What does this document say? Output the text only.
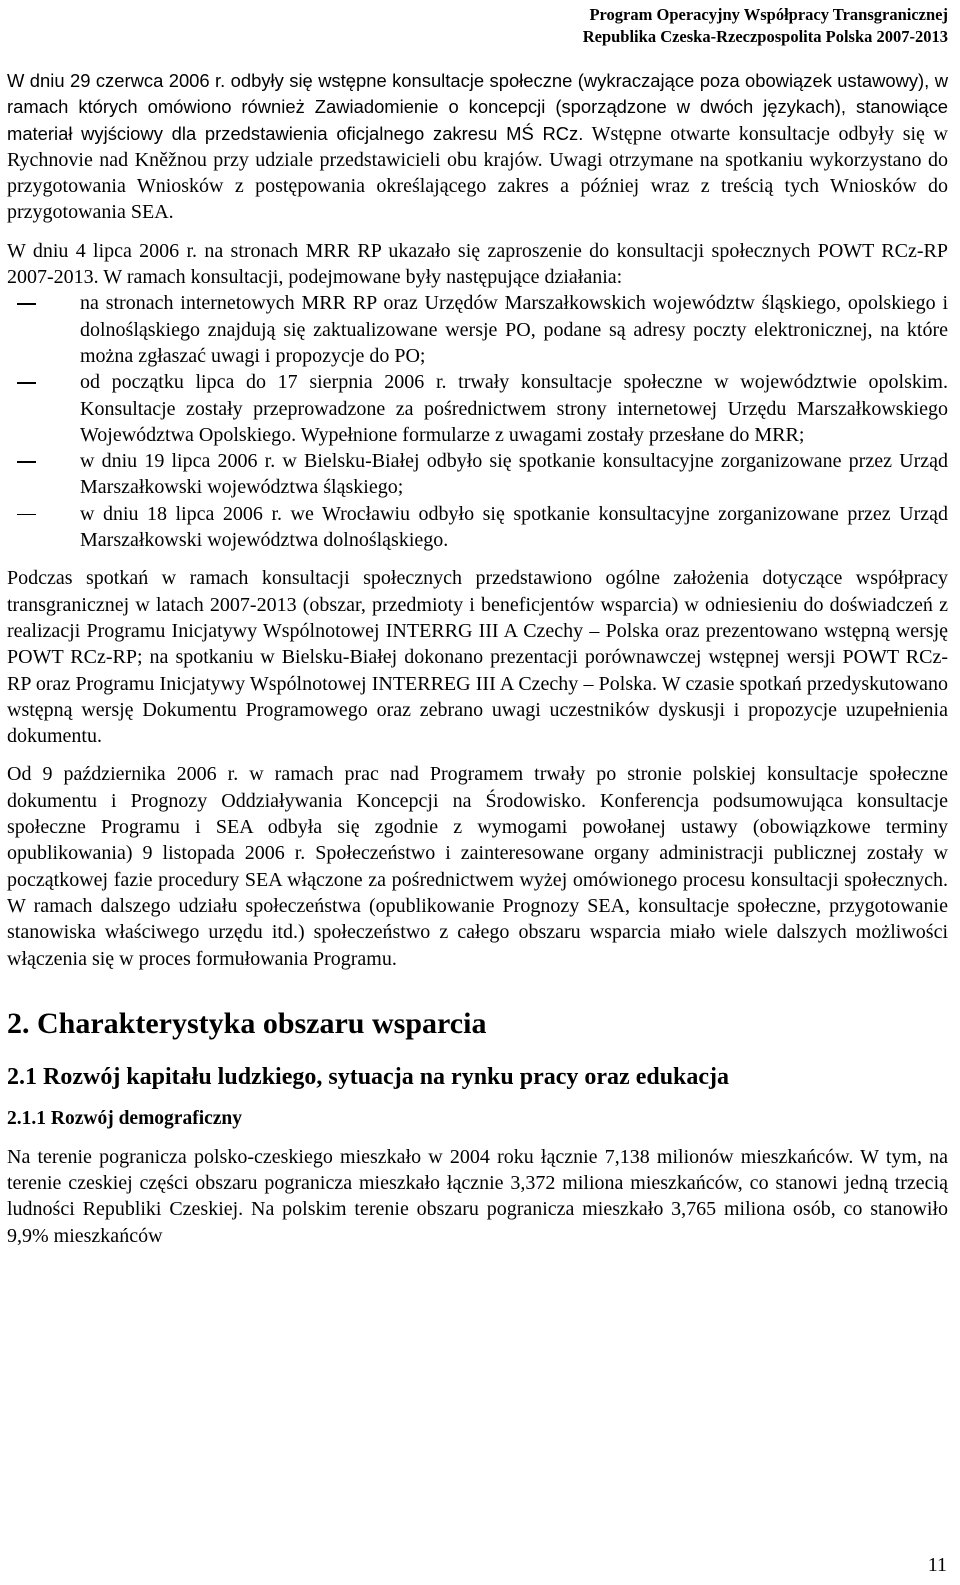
Program Operacyjny Współpracy Transgranicznej
Republika Czeska-Rzeczpospolita Polska 2007-2013

W dniu 29 czerwca 2006 r. odbyły się wstępne konsultacje społeczne (wykraczające poza obowiązek ustawowy), w ramach których omówiono również Zawiadomienie o koncepcji (sporządzone w dwóch językach), stanowiące materiał wyjściowy dla przedstawienia oficjalnego zakresu MŚ RCz. Wstępne otwarte konsultacje odbyły się w Rychnovie nad Kněžnou przy udziale przedstawicieli obu krajów. Uwagi otrzymane na spotkaniu wykorzystano do przygotowania Wniosków z postępowania określającego zakres a później wraz z treścią tych Wniosków do przygotowania SEA.

W dniu 4 lipca 2006 r. na stronach MRR RP ukazało się zaproszenie do konsultacji społecznych POWT RCz-RP 2007-2013. W ramach konsultacji, podejmowane były następujące działania:

na stronach internetowych MRR RP oraz Urzędów Marszałkowskich województw śląskiego, opolskiego i dolnośląskiego znajdują się zaktualizowane wersje PO, podane są adresy poczty elektronicznej, na które można zgłaszać uwagi i propozycje do PO;
od początku lipca do 17 sierpnia 2006 r. trwały konsultacje społeczne w województwie opolskim. Konsultacje zostały przeprowadzone za pośrednictwem strony internetowej Urzędu Marszałkowskiego Województwa Opolskiego. Wypełnione formularze z uwagami zostały przesłane do MRR;
w dniu 19 lipca 2006 r. w Bielsku-Białej odbyło się spotkanie konsultacyjne zorganizowane przez Urząd Marszałkowski województwa śląskiego;
w dniu 18 lipca 2006 r. we Wrocławiu odbyło się spotkanie konsultacyjne zorganizowane przez Urząd Marszałkowski województwa dolnośląskiego.

Podczas spotkań w ramach konsultacji społecznych przedstawiono ogólne założenia dotyczące współpracy transgranicznej w latach 2007-2013 (obszar, przedmioty i beneficjentów wsparcia) w odniesieniu do doświadczeń z realizacji Programu Inicjatywy Wspólnotowej INTERRG III A Czechy – Polska oraz prezentowano wstępną wersję POWT RCz-RP; na spotkaniu w Bielsku-Białej dokonano prezentacji porównawczej wstępnej wersji POWT RCz-RP oraz Programu Inicjatywy Wspólnotowej INTERREG III A Czechy – Polska. W czasie spotkań przedyskutowano wstępną wersję Dokumentu Programowego oraz zebrano uwagi uczestników dyskusji i propozycje uzupełnienia dokumentu.

Od 9 października 2006 r. w ramach prac nad Programem trwały po stronie polskiej konsultacje społeczne dokumentu i Prognozy Oddziaływania Koncepcji na Środowisko. Konferencja podsumowująca konsultacje społeczne Programu i SEA odbyła się zgodnie z wymogami powołanej ustawy (obowiązkowe terminy opublikowania) 9 listopada 2006 r. Społeczeństwo i zainteresowane organy administracji publicznej zostały w początkowej fazie procedury SEA włączone za pośrednictwem wyżej omówionego procesu konsultacji społecznych. W ramach dalszego udziału społeczeństwa (opublikowanie Prognozy SEA, konsultacje społeczne, przygotowanie stanowiska właściwego urzędu itd.) społeczeństwo z całego obszaru wsparcia miało wiele dalszych możliwości włączenia się w proces formułowania Programu.

2. Charakterystyka obszaru wsparcia
2.1 Rozwój kapitału ludzkiego, sytuacja na rynku pracy oraz edukacja
2.1.1 Rozwój demograficzny

Na terenie pogranicza polsko-czeskiego mieszkało w 2004 roku łącznie 7,138 milionów mieszkańców. W tym, na terenie czeskiej części obszaru pogranicza mieszkało łącznie 3,372 miliona mieszkańców, co stanowi jedną trzecią ludności Republiki Czeskiej. Na polskim terenie obszaru pogranicza mieszkało 3,765 miliona osób, co stanowiło 9,9% mieszkańców

11
